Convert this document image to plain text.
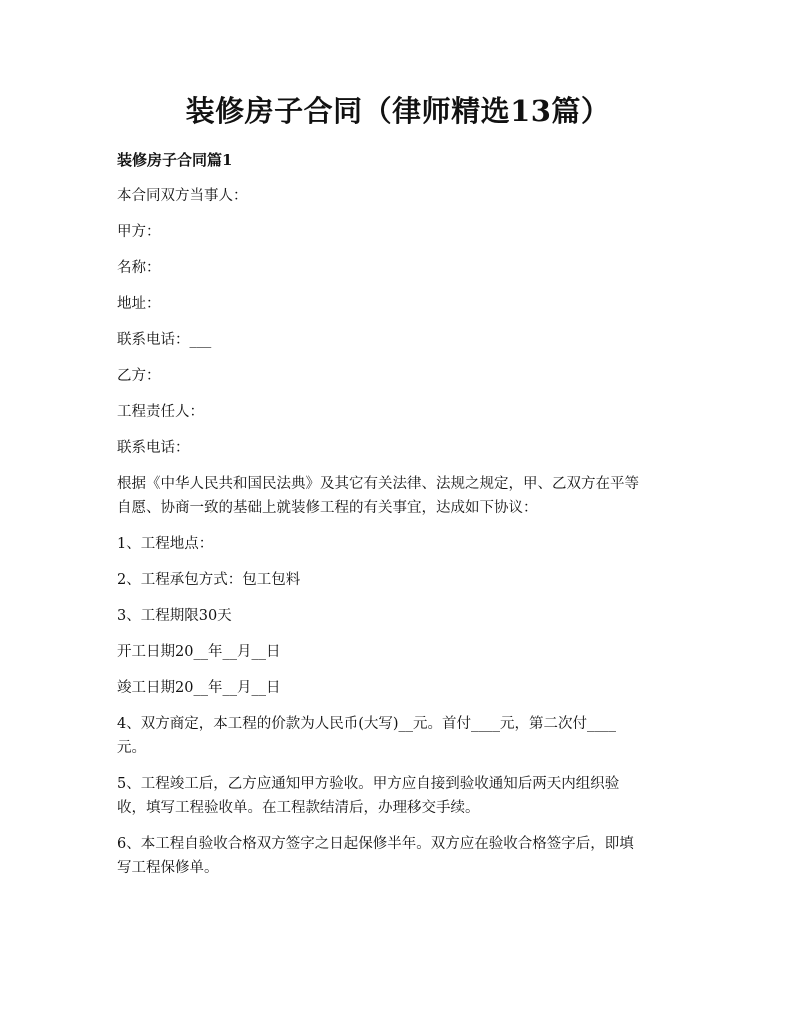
装修房子合同（律师精选13篇）
装修房子合同篇1
本合同双方当事人：
甲方：
名称：
地址：
联系电话：___
乙方：
工程责任人：
联系电话：
根据《中华人民共和国民法典》及其它有关法律、法规之规定，甲、乙双方在平等
自愿、协商一致的基础上就装修工程的有关事宜，达成如下协议：
1、工程地点：
2、工程承包方式：包工包料
3、工程期限30天
开工日期20__年__月__日
竣工日期20__年__月__日
4、双方商定，本工程的价款为人民币(大写)__元。首付____元，第二次付____
元。
5、工程竣工后，乙方应通知甲方验收。甲方应自接到验收通知后两天内组织验
收，填写工程验收单。在工程款结清后，办理移交手续。
6、本工程自验收合格双方签字之日起保修半年。双方应在验收合格签字后，即填
写工程保修单。
